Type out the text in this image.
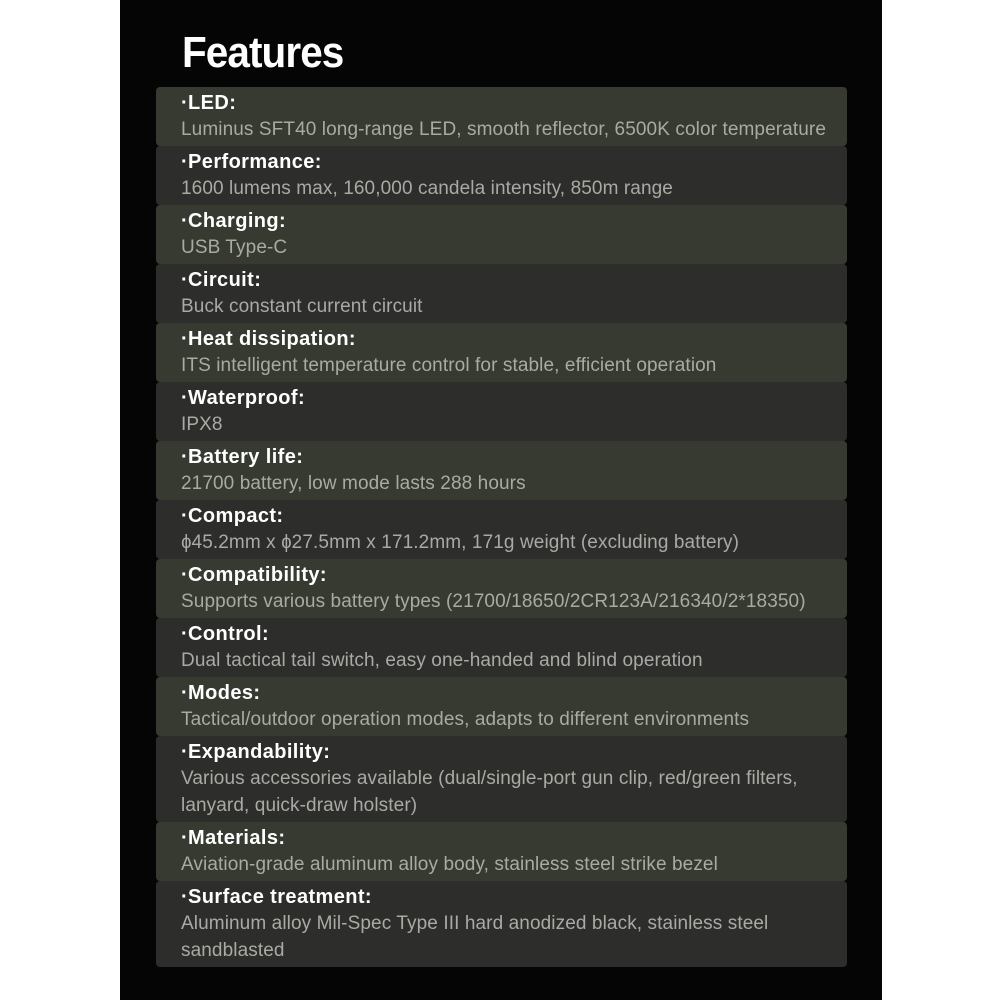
Features
·LED:
Luminus SFT40 long-range LED, smooth reflector, 6500K color temperature
·Performance:
1600 lumens max, 160,000 candela intensity, 850m range
·Charging:
USB Type-C
·Circuit:
Buck constant current circuit
·Heat dissipation:
ITS intelligent temperature control for stable, efficient operation
·Waterproof:
IPX8
·Battery life:
21700 battery, low mode lasts 288 hours
·Compact:
ɸ45.2mm x ɸ27.5mm x 171.2mm, 171g weight (excluding battery)
·Compatibility:
Supports various battery types (21700/18650/2CR123A/216340/2*18350)
·Control:
Dual tactical tail switch, easy one-handed and blind operation
·Modes:
Tactical/outdoor operation modes, adapts to different environments
·Expandability:
Various accessories available (dual/single-port gun clip, red/green filters, lanyard, quick-draw holster)
·Materials:
Aviation-grade aluminum alloy body, stainless steel strike bezel
·Surface treatment:
Aluminum alloy Mil-Spec Type III hard anodized black, stainless steel sandblasted
